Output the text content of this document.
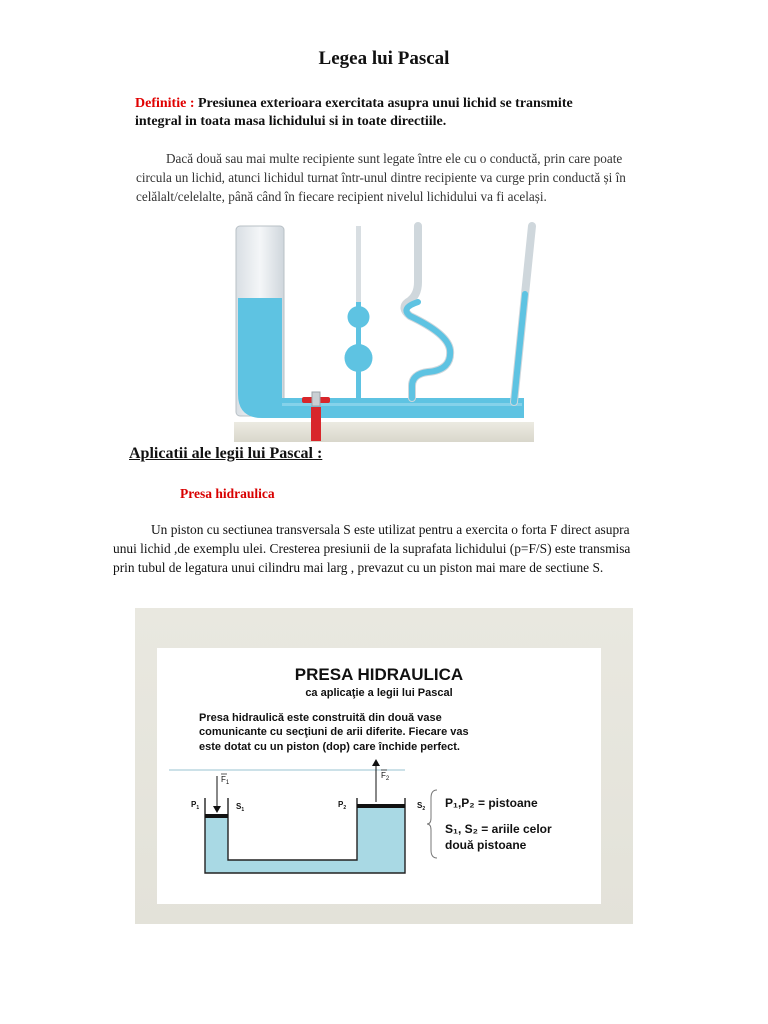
Legea lui Pascal
Definitie : Presiunea exterioara exercitata asupra unui lichid se transmite integral in toata masa lichidului si in toate directiile.
Dacă două sau mai multe recipiente sunt legate între ele cu o conductă, prin care poate circula un lichid, atunci lichidul turnat într-unul dintre recipiente va curge prin conductă și în celălalt/celelalte, până când în fiecare recipient nivelul lichidului va fi același.
Aplicatii ale legii lui Pascal :
Presa hidraulica
Un piston cu sectiunea transversala S este utilizat pentru a exercita o forta F direct asupra unui lichid ,de exemplu ulei. Cresterea presiunii de la suprafata lichidului (p=F/S) este transmisa prin tubul de legatura unui cilindru mai larg , prevazut cu un piston mai mare de sectiune S.
PRESA HIDRAULICA
ca aplicaţie a legii lui Pascal
Presa hidraulică este construită din două vase
comunicante cu secţiuni de arii diferite. Fiecare vas
este dotat cu un piston (dop) care închide perfect.
$F_1$
$F_2$
$P_1$	$S_1$
$P_2$	$S_2$ P₁,P₂ = pistoane
S₁, S₂ = ariile celor
două pistoane
